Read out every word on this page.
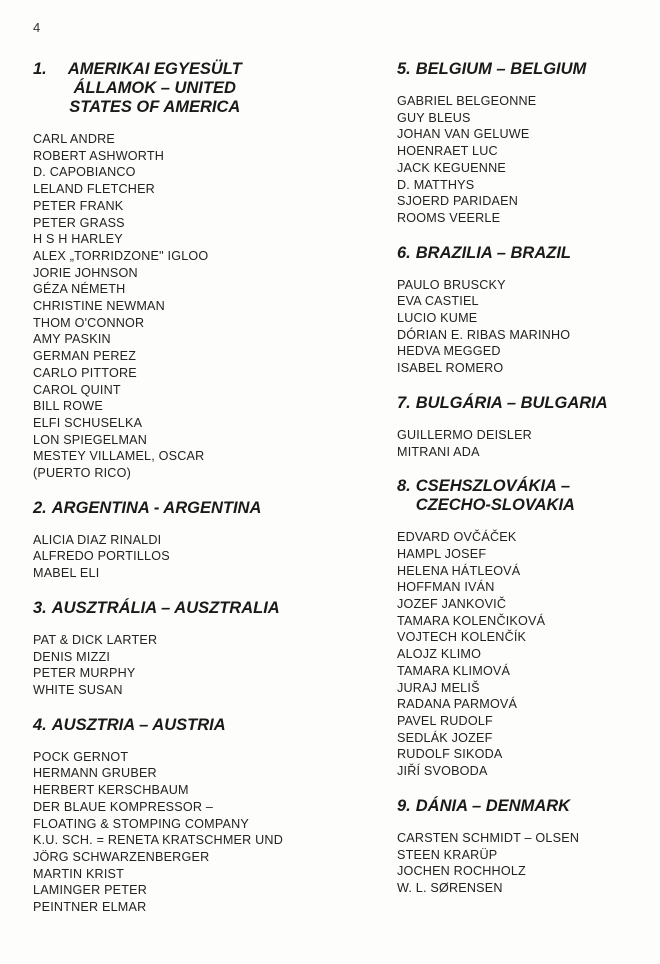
4
1.	AMERIKAI EGYESÜLT ÁLLAMOK – UNITED STATES OF AMERICA
CARL ANDRE
ROBERT ASHWORTH
D. CAPOBIANCO
LELAND FLETCHER
PETER FRANK
PETER GRASS
H S H HARLEY
ALEX „TORRIDZONE" IGLOO
JORIE JOHNSON
GÉZA NÉMETH
CHRISTINE NEWMAN
THOM O'CONNOR
AMY PASKIN
GERMAN PEREZ
CARLO PITTORE
CAROL QUINT
BILL ROWE
ELFI SCHUSELKA
LON SPIEGELMAN
MESTEY VILLAMEL, OSCAR
(PUERTO RICO)
2. ARGENTINA - ARGENTINA
ALICIA DIAZ RINALDI
ALFREDO PORTILLOS
MABEL ELI
3. AUSZTRÁLIA – AUSZTRALIA
PAT & DICK LARTER
DENIS MIZZI
PETER MURPHY
WHITE SUSAN
4. AUSZTRIA – AUSTRIA
POCK GERNOT
HERMANN GRUBER
HERBERT KERSCHBAUM
DER BLAUE KOMPRESSOR –
FLOATING & STOMPING COMPANY
K.U. SCH. = RENETA KRATSCHMER UND
JÖRG SCHWARZENBERGER
MARTIN KRIST
LAMINGER PETER
PEINTNER ELMAR
5. BELGIUM – BELGIUM
GABRIEL BELGEONNE
GUY BLEUS
JOHAN VAN GELUWE
HOENRAET LUC
JACK KEGUENNE
D. MATTHYS
SJOERD PARIDAEN
ROOMS VEERLE
6. BRAZILIA – BRAZIL
PAULO BRUSCKY
EVA CASTIEL
LUCIO KUME
DÓRIAN E. RIBAS MARINHO
HEDVA MEGGED
ISABEL ROMERO
7. BULGÁRIA – BULGARIA
GUILLERMO DEISLER
MITRANI ADA
8. CSEHSZLOVÁKIA – CZECHO-SLOVAKIA
EDVARD OVČÁČEK
HAMPL JOSEF
HELENA HÁTLEOVÁ
HOFFMAN IVÁN
JOZEF JANKOVIČ
TAMARA KOLENČIKOVÁ
VOJTECH KOLENČÍK
ALOJZ KLIMO
TAMARA KLIMOVÁ
JURAJ MELIŠ
RADANA PARMOVÁ
PAVEL RUDOLF
SEDLÁK JOZEF
RUDOLF SIKODA
JIŘÍ SVOBODA
9. DÁNIA – DENMARK
CARSTEN SCHMIDT – OLSEN
STEEN KRARÜP
JOCHEN ROCHHOLZ
W. L. SØRENSEN
